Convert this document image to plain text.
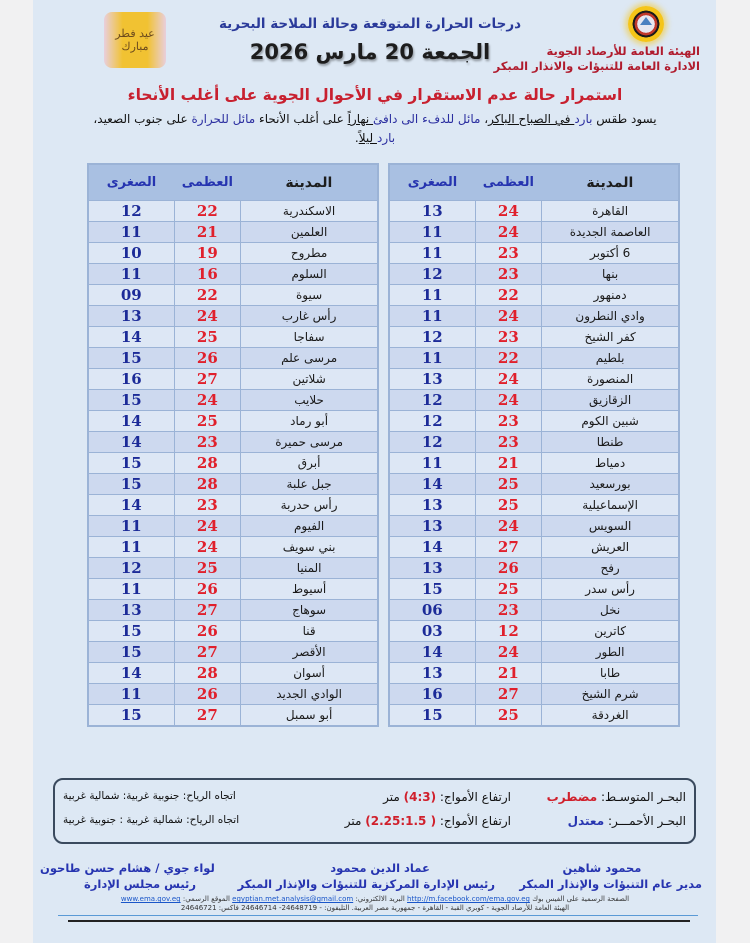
عيد فطر مبارك	الهيئة العامة للأرصاد الجوية
الادارة العامة للتنبؤات والانذار المبكر
درجات الحرارة المتوقعة وحالة الملاحة البحرية
الجمعة 20 مارس 2026
استمرار حالة عدم الاستقرار في الأحوال الجوية على أغلب الأنحاء
يسود طقس بارد في الصباح الباكر، مائل للدفء الى دافئ نهاراً على أغلب الأنحاء مائل للحرارة على جنوب الصعيد،
بارد ليلاً.
المدينة	العظمى	الصغرى
القاهرة	24	13
العاصمة الجديدة	24	11
6 أكتوبر	23	11
بنها	23	12
دمنهور	22	11
وادي النطرون	24	11
كفر الشيخ	23	12
بلطيم	22	11
المنصورة	24	13
الزقازيق	24	12
شبين الكوم	23	12
طنطا	23	12
دمياط	21	11
بورسعيد	25	14
الإسماعيلية	25	13
السويس	24	13
العريش	27	14
رفح	26	13
رأس سدر	25	15
نخل	23	06
كاترين	12	03
الطور	24	14
طابا	21	13
شرم الشيخ	27	16
الغردقة	25	15
المدينة	العظمى	الصغرى
الاسكندرية	22	12
العلمين	21	11
مطروح	19	10
السلوم	16	11
سيوة	22	09
رأس غارب	24	13
سفاجا	25	14
مرسى علم	26	15
شلاتين	27	16
حلايب	24	15
أبو رماد	25	14
مرسى حميرة	23	14
أبرق	28	15
جبل علبة	28	15
رأس حدربة	23	14
الفيوم	24	11
بني سويف	24	11
المنيا	25	12
أسيوط	26	11
سوهاج	27	13
قنا	26	15
الأقصر	27	15
أسوان	28	14
الوادي الجديد	26	11
أبو سمبل	27	15
البحـر المتوسـط: مضطرب
ارتفاع الأمواج: (4:3) متر
اتجاه الرياح: جنوبية غربية: شمالية غربية
البحـر الأحمـــر: معتدل
ارتفاع الأمواج: ( 2.25:1.5) متر
اتجاه الرياح: شمالية غربية : جنوبية غربية
محمود شاهين
مدير عام التنبؤات والإنذار المبكر
عماد الدين محمود
رئيس الإدارة المركزية للتنبؤات والإنذار المبكر
لواء جوي / هشام حسن طاحون
رئيس مجلس الإدارة
الصفحة الرسمية على الفيس بوك http://m.facebook.com/ema.gov.eg البريد الالكتروني: egyptian.met.analysis@gmail.com الموقع الرسمي: www.ema.gov.eg
الهيئة العامة للأرصاد الجوية - كوبري القبة - القاهرة - جمهورية مصر العربية. التليفون: - 24648719- 24646714 فاكس: 24646721
